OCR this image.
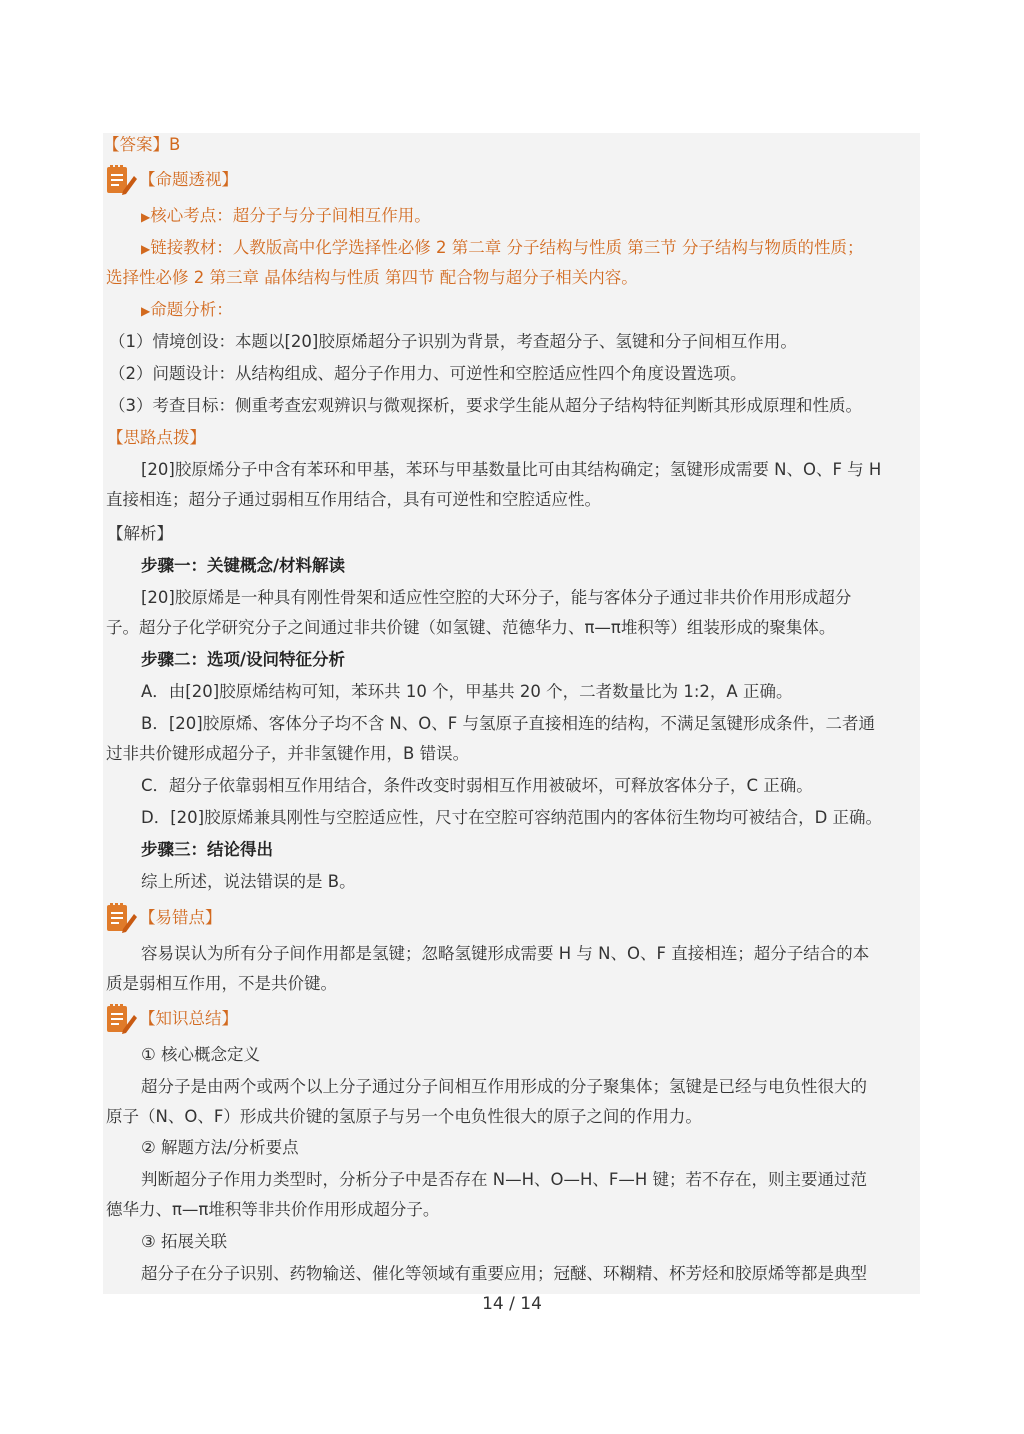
【答案】B
【命题透视】
▶核心考点：超分子与分子间相互作用。
▶链接教材：人教版高中化学选择性必修 2 第二章 分子结构与性质 第三节 分子结构与物质的性质；
选择性必修 2 第三章 晶体结构与性质 第四节 配合物与超分子相关内容。
▶命题分析：
（1）情境创设：本题以[20]胶原烯超分子识别为背景，考查超分子、氢键和分子间相互作用。
（2）问题设计：从结构组成、超分子作用力、可逆性和空腔适应性四个角度设置选项。
（3）考查目标：侧重考查宏观辨识与微观探析，要求学生能从超分子结构特征判断其形成原理和性质。
【思路点拨】
[20]胶原烯分子中含有苯环和甲基，苯环与甲基数量比可由其结构确定；氢键形成需要 N、O、F 与 H
直接相连；超分子通过弱相互作用结合，具有可逆性和空腔适应性。
【解析】
步骤一：关键概念/材料解读
[20]胶原烯是一种具有刚性骨架和适应性空腔的大环分子，能与客体分子通过非共价作用形成超分
子。超分子化学研究分子之间通过非共价键（如氢键、范德华力、π—π堆积等）组装形成的聚集体。
步骤二：选项/设问特征分析
A．由[20]胶原烯结构可知，苯环共 10 个，甲基共 20 个，二者数量比为 1:2，A 正确。
B．[20]胶原烯、客体分子均不含 N、O、F 与氢原子直接相连的结构，不满足氢键形成条件，二者通
过非共价键形成超分子，并非氢键作用，B 错误。
C．超分子依靠弱相互作用结合，条件改变时弱相互作用被破坏，可释放客体分子，C 正确。
D．[20]胶原烯兼具刚性与空腔适应性，尺寸在空腔可容纳范围内的客体衍生物均可被结合，D 正确。
步骤三：结论得出
综上所述，说法错误的是 B。
【易错点】
容易误认为所有分子间作用都是氢键；忽略氢键形成需要 H 与 N、O、F 直接相连；超分子结合的本
质是弱相互作用，不是共价键。
【知识总结】
① 核心概念定义
超分子是由两个或两个以上分子通过分子间相互作用形成的分子聚集体；氢键是已经与电负性很大的
原子（N、O、F）形成共价键的氢原子与另一个电负性很大的原子之间的作用力。
② 解题方法/分析要点
判断超分子作用力类型时，分析分子中是否存在 N—H、O—H、F—H 键；若不存在，则主要通过范
德华力、π—π堆积等非共价作用形成超分子。
③ 拓展关联
超分子在分子识别、药物输送、催化等领域有重要应用；冠醚、环糊精、杯芳烃和胶原烯等都是典型
14 / 14
